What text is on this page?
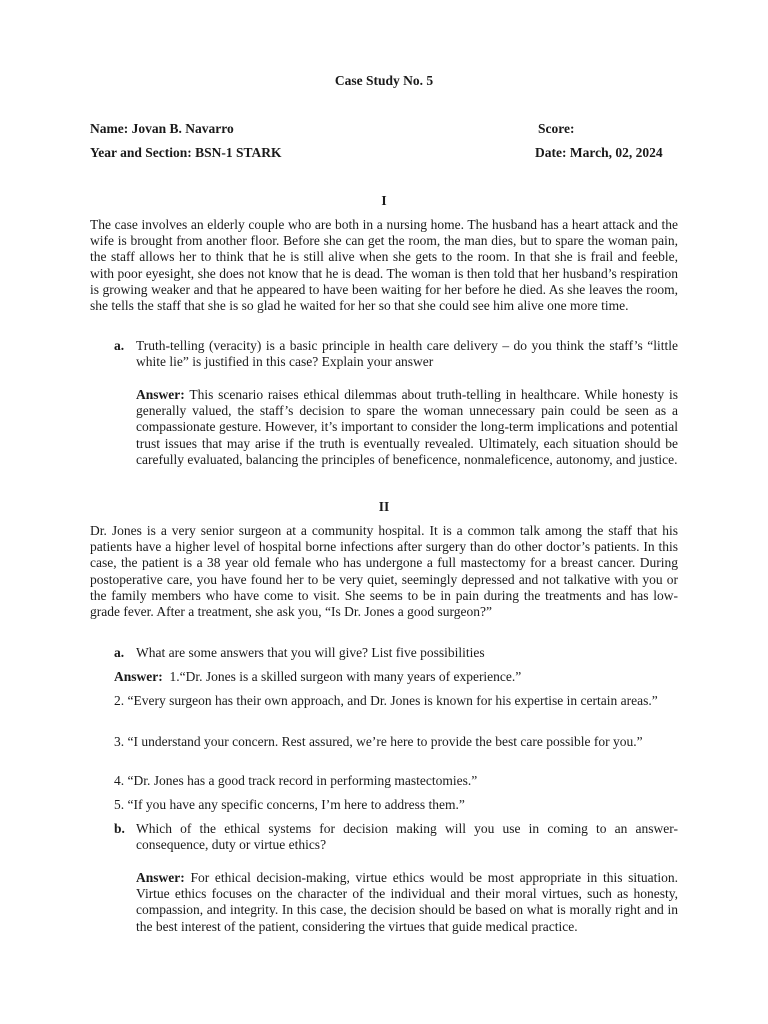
Case Study No. 5
Name: Jovan B. Navarro	Score:
Year and Section: BSN-1 STARK	Date: March, 02, 2024
I

The case involves an elderly couple who are both in a nursing home. The husband has a heart attack and the wife is brought from another floor. Before she can get the room, the man dies, but to spare the woman pain, the staff allows her to think that he is still alive when she gets to the room. In that she is frail and feeble, with poor eyesight, she does not know that he is dead. The woman is then told that her husband’s respiration is growing weaker and that he appeared to have been waiting for her before he died. As she leaves the room, she tells the staff that she is so glad he waited for her so that she could see him alive one more time.

a. Truth-telling (veracity) is a basic principle in health care delivery – do you think the staff’s “little white lie” is justified in this case? Explain your answer

Answer: This scenario raises ethical dilemmas about truth-telling in healthcare. While honesty is generally valued, the staff’s decision to spare the woman unnecessary pain could be seen as a compassionate gesture. However, it’s important to consider the long-term implications and potential trust issues that may arise if the truth is eventually revealed. Ultimately, each situation should be carefully evaluated, balancing the principles of beneficence, nonmaleficence, autonomy, and justice.

II

Dr. Jones is a very senior surgeon at a community hospital. It is a common talk among the staff that his patients have a higher level of hospital borne infections after surgery than do other doctor’s patients. In this case, the patient is a 38 year old female who has undergone a full mastectomy for a breast cancer. During postoperative care, you have found her to be very quiet, seemingly depressed and not talkative with you or the family members who have come to visit. She seems to be in pain during the treatments and has low-grade fever. After a treatment, she ask you, “Is Dr. Jones a good surgeon?”

a. What are some answers that you will give? List five possibilities

Answer: 1.“Dr. Jones is a skilled surgeon with many years of experience.”

2. “Every surgeon has their own approach, and Dr. Jones is known for his expertise in certain areas.”

3. “I understand your concern. Rest assured, we’re here to provide the best care possible for you.”

4. “Dr. Jones has a good track record in performing mastectomies.”

5. “If you have any specific concerns, I’m here to address them.”

b. Which of the ethical systems for decision making will you use in coming to an answer-consequence, duty or virtue ethics?

Answer: For ethical decision-making, virtue ethics would be most appropriate in this situation. Virtue ethics focuses on the character of the individual and their moral virtues, such as honesty, compassion, and integrity. In this case, the decision should be based on what is morally right and in the best interest of the patient, considering the virtues that guide medical practice.
